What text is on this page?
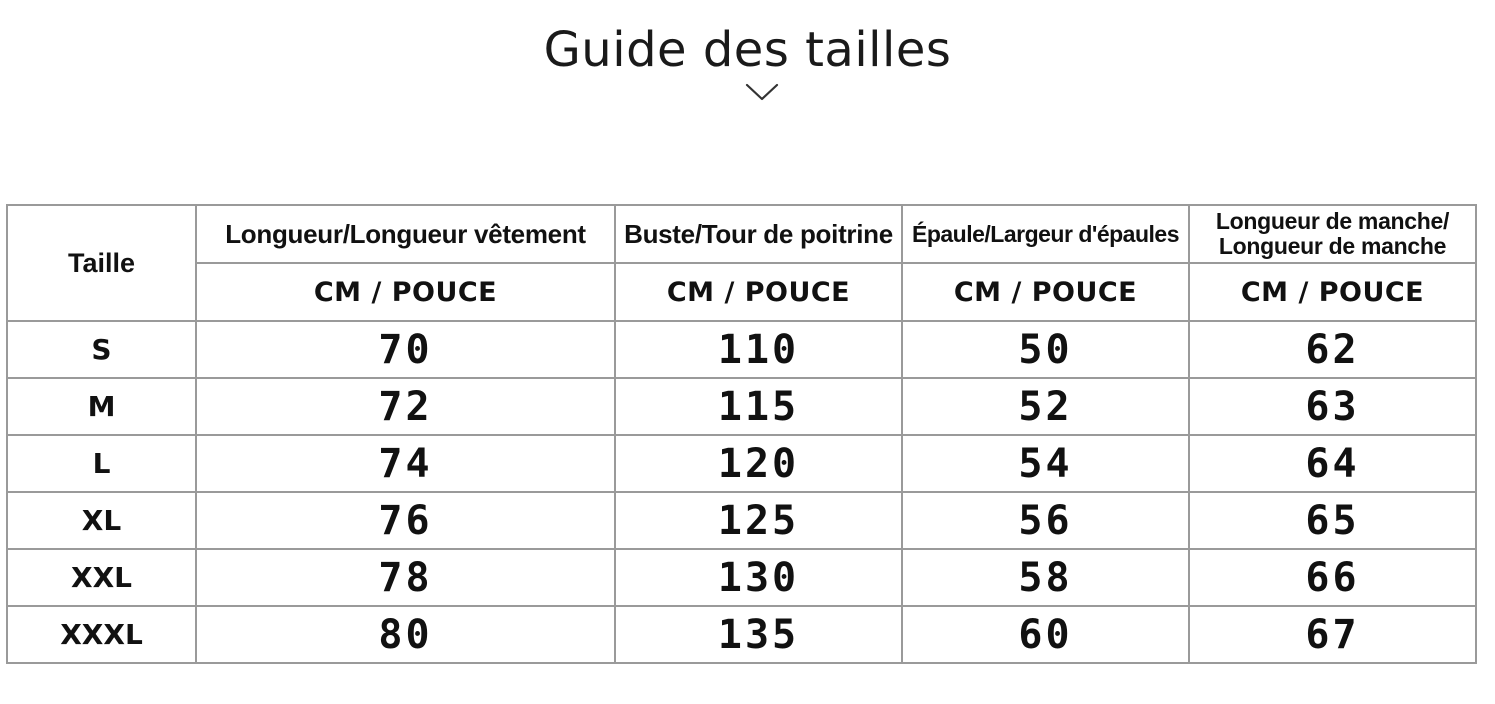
Guide des tailles
Taille	Longueur/Longueur vêtement	Buste/Tour de poitrine	Épaule/Largeur d'épaules	Longueur de manche/
Longueur de manche
	CM / POUCE	CM / POUCE	CM / POUCE	CM / POUCE
S	70	110	50	62
M	72	115	52	63
L	74	120	54	64
XL	76	125	56	65
XXL	78	130	58	66
XXXL	80	135	60	67
